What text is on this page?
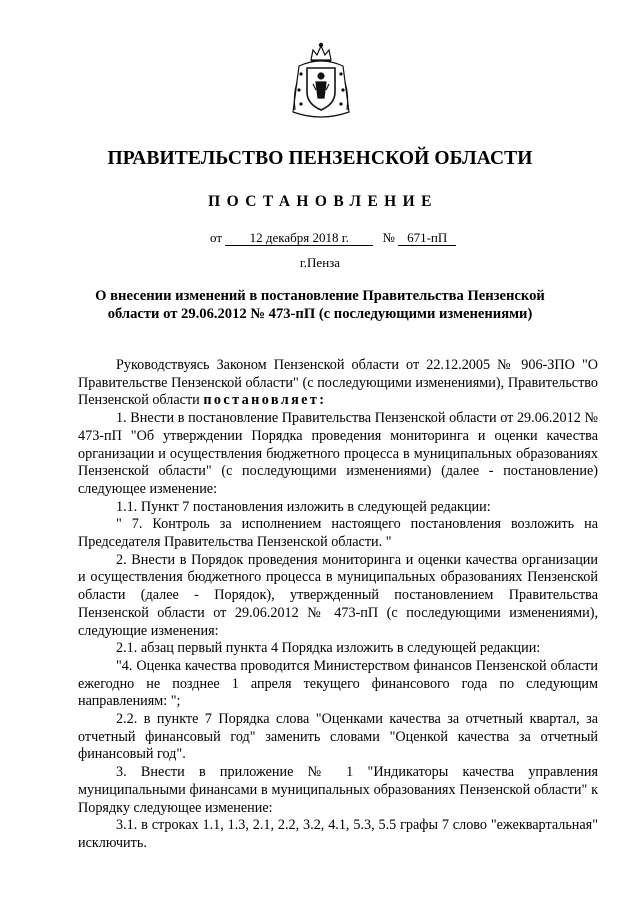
ПРАВИТЕЛЬСТВО ПЕНЗЕНСКОЙ ОБЛАСТИ
ПОСТАНОВЛЕНИЕ
от 12 декабря 2018 г.	№ 671-пП
г.Пенза
О внесении изменений в постановление Правительства Пензенской области от 29.06.2012 № 473-пП (с последующими изменениями)

Руководствуясь Законом Пензенской области от 22.12.2005 № 906-ЗПО "О Правительстве Пензенской области" (с последующими изменениями), Правительство Пензенской области постановляет:

1. Внести в постановление Правительства Пензенской области от 29.06.2012 № 473-пП "Об утверждении Порядка проведения мониторинга и оценки качества организации и осуществления бюджетного процесса в муниципальных образованиях Пензенской области" (с последующими изменениями) (далее - постановление) следующее изменение:

1.1. Пункт 7 постановления изложить в следующей редакции:

" 7. Контроль за исполнением настоящего постановления возложить на Председателя Правительства Пензенской области. "

2. Внести в Порядок проведения мониторинга и оценки качества организации и осуществления бюджетного процесса в муниципальных образованиях Пензенской области (далее - Порядок), утвержденный постановлением Правительства Пензенской области от 29.06.2012 № 473-пП (с последующими изменениями), следующие изменения:

2.1. абзац первый пункта 4 Порядка изложить в следующей редакции:

"4. Оценка качества проводится Министерством финансов Пензенской области ежегодно не позднее 1 апреля текущего финансового года по следующим направлениям: ";

2.2. в пункте 7 Порядка слова "Оценками качества за отчетный квартал, за отчетный финансовый год" заменить словами "Оценкой качества за отчетный финансовый год".

3. Внести в приложение № 1 "Индикаторы качества управления муниципальными финансами в муниципальных образованиях Пензенской области" к Порядку следующее изменение:

3.1. в строках 1.1, 1.3, 2.1, 2.2, 3.2, 4.1, 5.3, 5.5 графы 7 слово "ежеквартальная" исключить.
